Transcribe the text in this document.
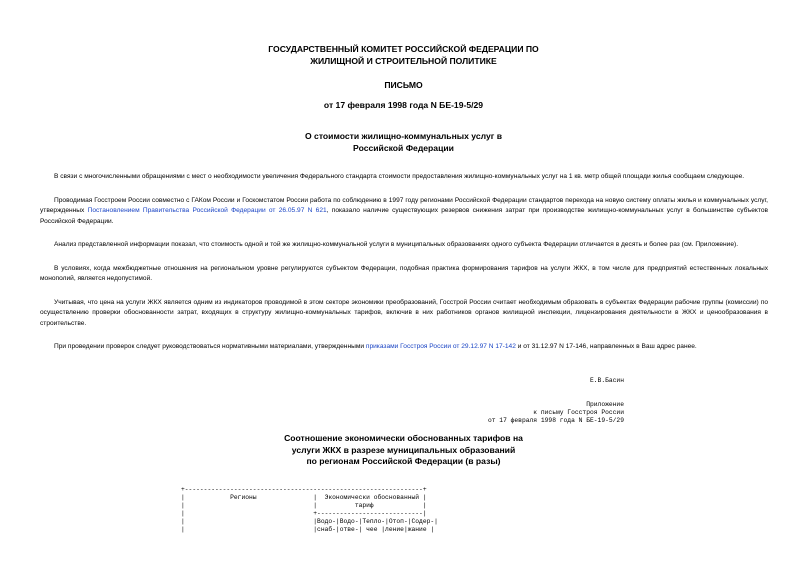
ГОСУДАРСТВЕННЫЙ КОМИТЕТ РОССИЙСКОЙ ФЕДЕРАЦИИ ПО
ЖИЛИЩНОЙ И СТРОИТЕЛЬНОЙ ПОЛИТИКЕ
ПИСЬМО
от 17 февраля 1998 года N БЕ-19-5/29
О стоимости жилищно-коммунальных услуг в
Российской Федерации

В связи с многочисленными обращениями с мест о необходимости увеличения Федерального стандарта стоимости предоставления жилищно-коммунальных услуг на 1 кв. метр общей площади жилья сообщаем следующее.

Проводимая Госстроем России совместно с ГАКом России и Госкомстатом России работа по соблюдению в 1997 году регионами Российской Федерации стандартов перехода на новую систему оплаты жилья и коммунальных услуг, утвержденных Постановлением Правительства Российской Федерации от 26.05.97 N 621, показало наличие существующих резервов снижения затрат при производстве жилищно-коммунальных услуг в большинстве субъектов Российской Федерации.

Анализ представленной информации показал, что стоимость одной и той же жилищно-коммунальной услуги в муниципальных образованиях одного субъекта Федерации отличается в десять и более раз (см. Приложение).

В условиях, когда межбюджетные отношения на региональном уровне регулируются субъектом Федерации, подобная практика формирования тарифов на услуги ЖКХ, в том числе для предприятий естественных локальных монополий, является недопустимой.

Учитывая, что цена на услуги ЖКХ является одним из индикаторов проводимой в этом секторе экономики преобразований, Госстрой России считает необходимым образовать в субъектах Федерации рабочие группы (комиссии) по осуществлению проверки обоснованности затрат, входящих в структуру жилищно-коммунальных тарифов, включив в них работников органов жилищной инспекции, лицензирования деятельности в ЖКХ и ценообразования в строительстве.

При проведении проверок следует руководствоваться нормативными материалами, утвержденными приказами Госстроя России от 29.12.97 N 17-142 и от 31.12.97 N 17-146, направленных в Ваш адрес ранее.

Е.В.Басин
Приложение
к письму Госстроя России
от 17 февраля 1998 года N БЕ-19-5/29
Соотношение экономически обоснованных тарифов на
услуги ЖКХ в разрезе муниципальных образований
по регионам Российской Федерации (в разы)
+---------------------------------------------------------------+
|            Регионы               |  Экономически обоснованный |
|                                  |          тариф             |
|                                  +----------------------------|
|                                  |Водо-|Водо-|Тепло-|Отоп-|Содер-|
|                                  |снаб-|отве-| чее |ление|жание |
